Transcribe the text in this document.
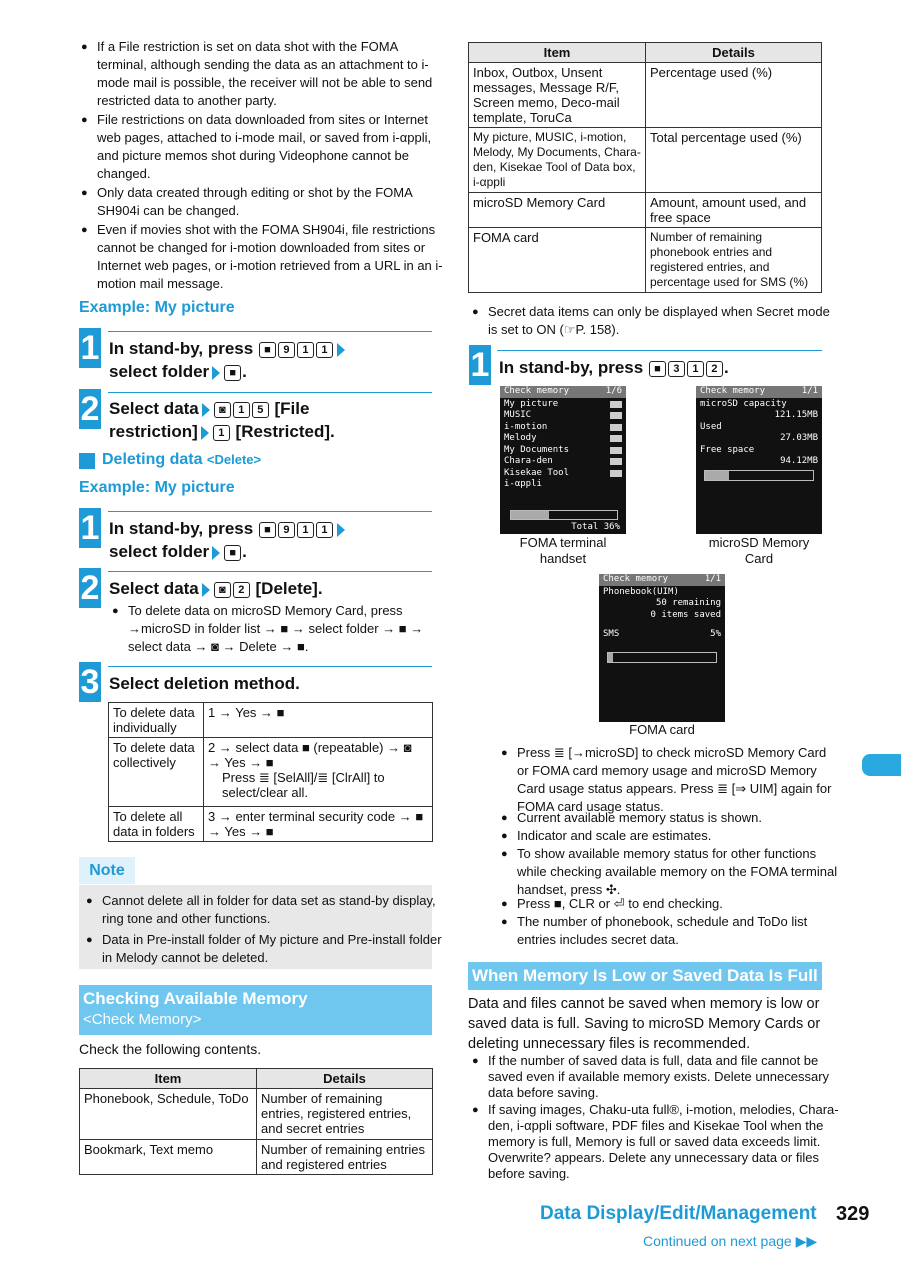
● If a File restriction is set on data shot with the FOMA terminal, although sending the data as an attachment to i-mode mail is possible, the receiver will not be able to send restricted data to another party.
● File restrictions on data downloaded from sites or Internet web pages, attached to i-mode mail, or saved from i-αppli, and picture memos shot during Videophone cannot be changed.
● Only data created through editing or shot by the FOMA SH904i can be changed.
● Even if movies shot with the FOMA SH904i, file restrictions cannot be changed for i-motion downloaded from sites or Internet web pages, or i-motion retrieved from a URL in an i-motion mail message.
Example: My picture
1 In stand-by, press ■ 9 1 1
select folder ■ .
2 Select data ◙ 1 5 [File
restriction] 1 [Restricted].
Deleting data <Delete>
Example: My picture
1 In stand-by, press ■ 9 1 1
select folder ■ .
2 Select data ◙ 2 [Delete].
● To delete data on microSD Memory Card, press →microSD in folder list → ■ → select folder → ■ → select data → ◙ → Delete → ■.
3 Select deletion method.
To delete data individually	1 → Yes → ■
To delete data collectively	2 → select data ■ (repeatable) → ◙ → Yes → ■
Press ≣ [SelAll]/≣ [ClrAll] to select/clear all.

To delete all data in folders	3 → enter terminal security code → ■ → Yes → ■
Note
● Cannot delete all in folder for data set as stand-by display, ring tone and other functions.
● Data in Pre-install folder of My picture and Pre-install folder in Melody cannot be deleted.
Checking Available Memory
<Check Memory>
Check the following contents.
Item	Details
Phonebook, Schedule, ToDo	Number of remaining entries, registered entries, and secret entries
Bookmark, Text memo	Number of remaining entries and registered entries
Item	Details
Inbox, Outbox, Unsent messages, Message R/F, Screen memo, Deco-mail template, ToruCa	Percentage used (%)
My picture, MUSIC, i-motion, Melody, My Documents, Chara-den, Kisekae Tool of Data box, i-αppli	Total percentage used (%)
microSD Memory Card	Amount, amount used, and free space
FOMA card	Number of remaining phonebook entries and registered entries, and percentage used for SMS (%)
● Secret data items can only be displayed when Secret mode is set to ON (☞P. 158).
1 In stand-by, press ■ 3 1 2 .
Check memory	1/6
My picture
MUSIC
i-motion
Melody
My Documents
Chara-den
Kisekae Tool
i-αppli
Total 36%
Check memory	1/1
microSD capacity
121.15MB
Used
27.03MB
Free space
94.12MB
FOMA terminal handset
microSD Memory Card
Check memory	1/1
Phonebook(UIM)
50 remaining
0 items saved
SMS	5%
FOMA card
● Press ≣ [→microSD] to check microSD Memory Card or FOMA card memory usage and microSD Memory Card usage status appears. Press ≣ [⇒ UIM] again for FOMA card usage status.
● Current available memory status is shown.
● Indicator and scale are estimates.
● To show available memory status for other functions while checking available memory on the FOMA terminal handset, press ✣.
● Press ■, CLR or ⏎ to end checking.
● The number of phonebook, schedule and ToDo list entries includes secret data.
When Memory Is Low or Saved Data Is Full
Data and files cannot be saved when memory is low or saved data is full. Saving to microSD Memory Cards or deleting unnecessary files is recommended.
● If the number of saved data is full, data and file cannot be saved even if available memory exists. Delete unnecessary data before saving.
● If saving images, Chaku-uta full®, i-motion, melodies, Chara-den, i-αppli software, PDF files and Kisekae Tool when the memory is full, Memory is full or saved data exceeds limit. Overwrite? appears. Delete any unnecessary data or files before saving.
Data Display/Edit/Management 329
Continued on next page ▶▶
